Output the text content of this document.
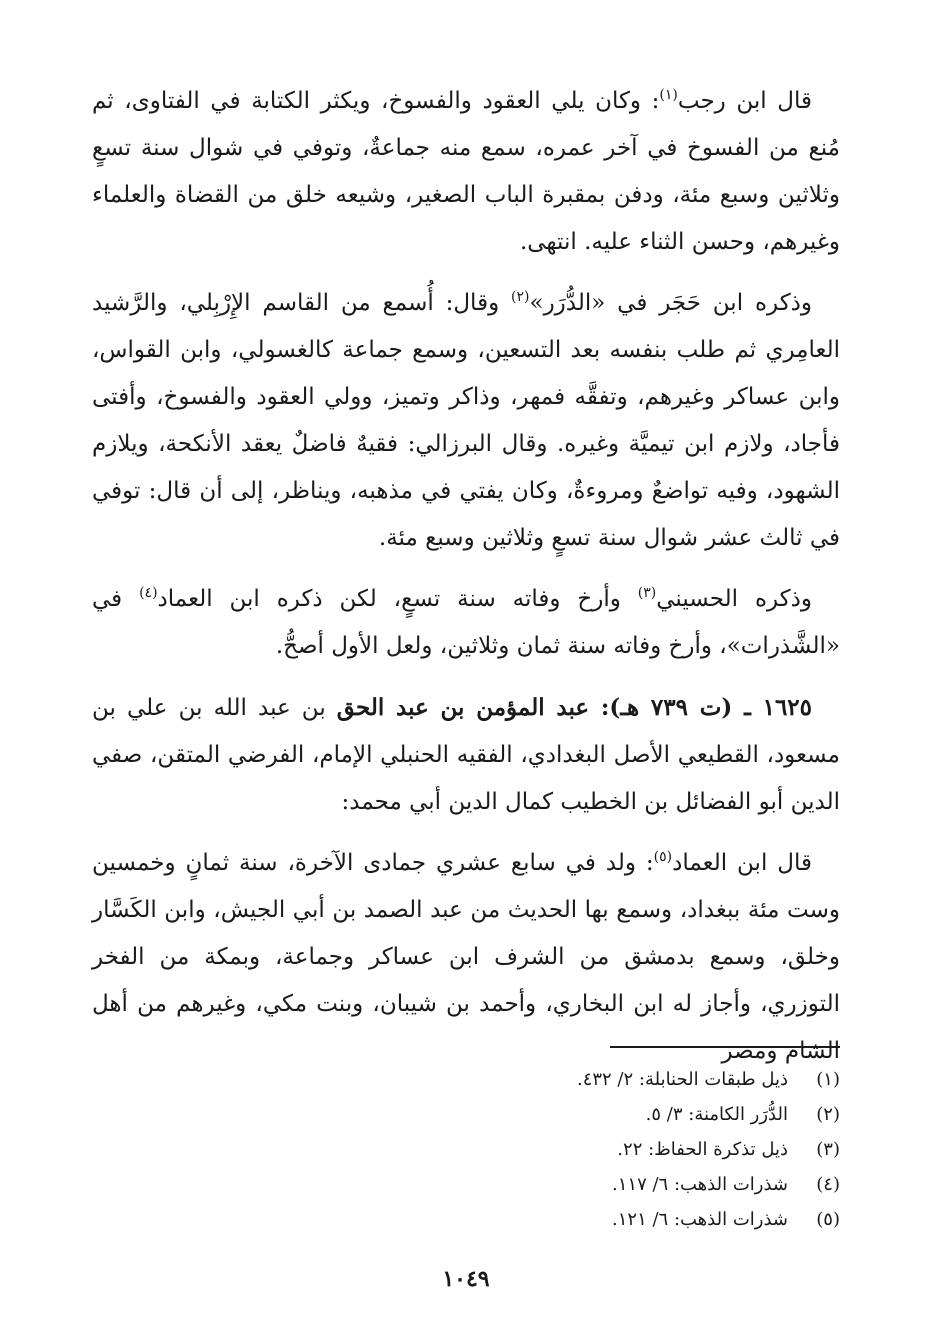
قال ابن رجب$^{(١)}$: وكان يلي العقود والفسوخ، ويكثر الكتابة في الفتاوى، ثم مُنع من الفسوخ في آخر عمره، سمع منه جماعةٌ، وتوفي في شوال سنة تسعٍ وثلاثين وسبع مئة، ودفن بمقبرة الباب الصغير، وشيعه خلق من القضاة والعلماء وغيرهم، وحسن الثناء عليه. انتهى.

وذكره ابن حَجَر في «الدُّرَر»$^{(٢)}$ وقال: أُسمع من القاسم الإِرْبِلي، والرَّشيد العامِري ثم طلب بنفسه بعد التسعين، وسمع جماعة كالغسولي، وابن القواس، وابن عساكر وغيرهم، وتفقَّه فمهر، وذاكر وتميز، وولي العقود والفسوخ، وأفتى فأجاد، ولازم ابن تيميَّة وغيره. وقال البرزالي: فقيهٌ فاضلٌ يعقد الأنكحة، ويلازم الشهود، وفيه تواضعٌ ومروءةٌ، وكان يفتي في مذهبه، ويناظر، إلى أن قال: توفي في ثالث عشر شوال سنة تسعٍ وثلاثين وسبع مئة.

وذكره الحسيني$^{(٣)}$ وأرخ وفاته سنة تسعٍ، لكن ذكره ابن العماد$^{(٤)}$ في «الشَّذرات»، وأرخ وفاته سنة ثمان وثلاثين، ولعل الأول أصحُّ.

١٦٢٥ ـ (ت ٧٣٩ هـ): عبد المؤمن بن عبد الحق بن عبد الله بن علي بن مسعود، القطيعي الأصل البغدادي، الفقيه الحنبلي الإمام، الفرضي المتقن، صفي الدين أبو الفضائل بن الخطيب كمال الدين أبي محمد:

قال ابن العماد$^{(٥)}$: ولد في سابع عشري جمادى الآخرة، سنة ثمانٍ وخمسين وست مئة ببغداد، وسمع بها الحديث من عبد الصمد بن أبي الجيش، وابن الكَسَّار وخلق، وسمع بدمشق من الشرف ابن عساكر وجماعة، وبمكة من الفخر التوزري، وأجاز له ابن البخاري، وأحمد بن شيبان، وبنت مكي، وغيرهم من أهل الشام ومصر

(١)
ذيل طبقات الحنابلة: ٢/ ٤٣٢.
(٢)
الدُّرَر الكامنة: ٣/ ٥.
(٣)
ذيل تذكرة الحفاظ: ٢٢.
(٤)
شذرات الذهب: ٦/ ١١٧.
(٥)
شذرات الذهب: ٦/ ١٢١.
١٠٤٩
